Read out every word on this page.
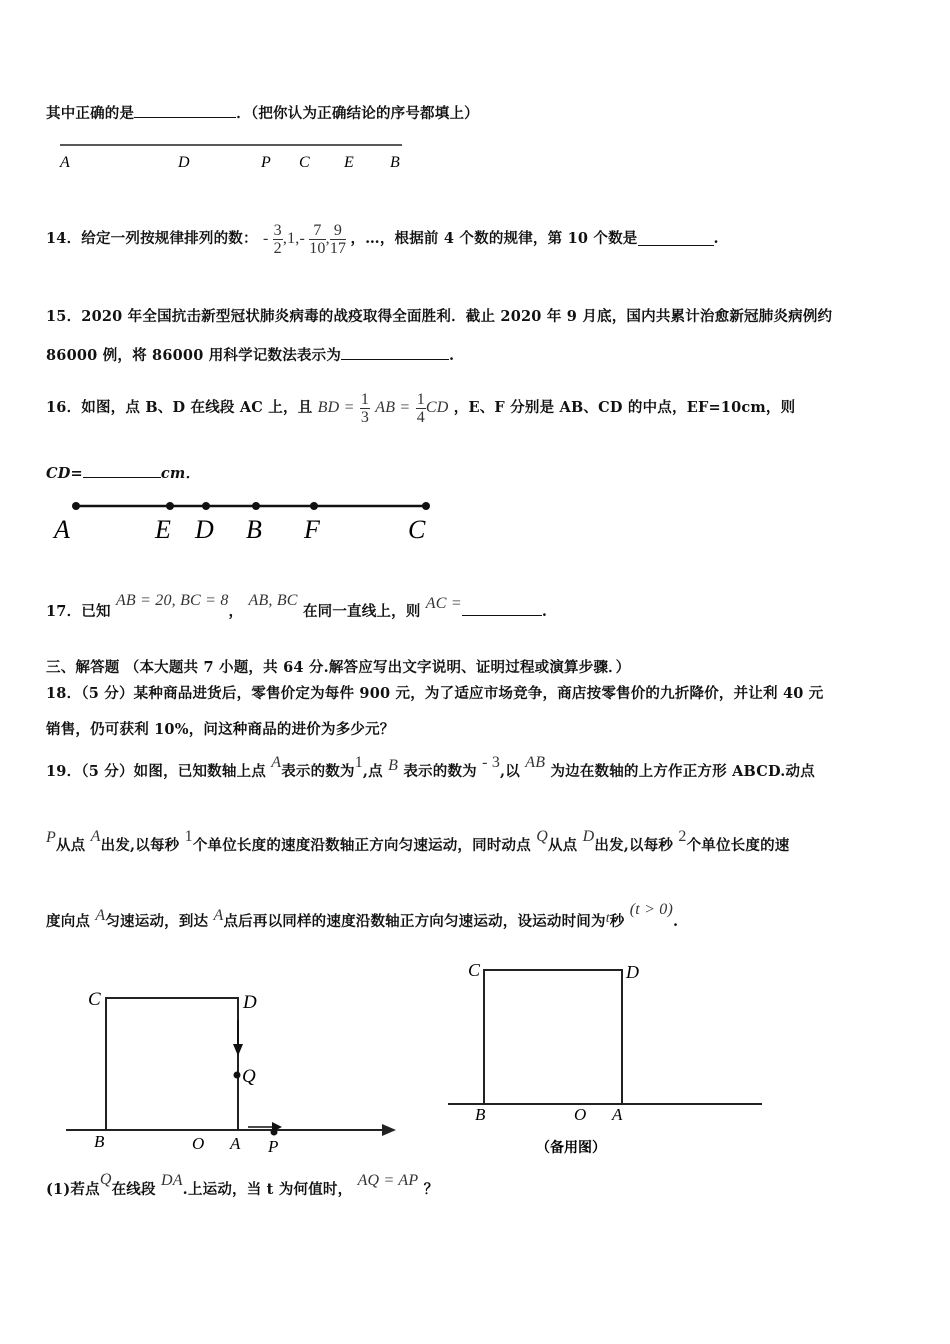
其中正确的是	．（把你认为正确结论的序号都填上）
A	D	P C E B
14．给定一列按规律排列的数： - $\frac{3}{2} ,1,- \frac{7}{10}$ , $\frac{9}{17}$ ，…，根据前 4 个数的规律，第 10 个数是	.
15．2020 年全国抗击新型冠状肺炎病毒的战疫取得全面胜利．截止 2020 年 9 月底，国内共累计治愈新冠肺炎病例约
86000 例，将 86000 用科学记数法表示为	.
16．如图，点 B、D 在线段 AC 上，且 BD = $\frac{1}{3}$ AB = $\frac{1}{4}$ CD ，E、F 分别是 AB、CD 的中点，EF=10cm，则
CD=	cm．
A	E D B F	C
17．已知 AB = 20, BC = 8， AB, BC 在同一直线上，则 AC =	.
三、解答题 （本大题共 7 小题，共 64 分.解答应写出文字说明、证明过程或演算步骤．）
18．（5 分）某种商品进货后，零售价定为每件 900 元，为了适应市场竞争，商店按零售价的九折降价，并让利 40 元
销售，仍可获利 10%，问这种商品的进价为多少元？
19．（5 分）如图，已知数轴上点 A表示的数为1,点 B 表示的数为 - 3,以 AB 为边在数轴的上方作正方形 ABCD.动点
P从点 A出发,以每秒 1个单位长度的速度沿数轴正方向匀速运动，同时动点 Q从点 D出发,以每秒 2个单位长度的速
度向点 A匀速运动，到达 A点后再以同样的速度沿数轴正方向匀速运动，设运动时间为t秒 (t > 0).
C	D
Q
B	O A P
C	D
B	O A
（备用图）
(1)若点Q在线段 DA.上运动，当 t 为何值时， AQ = AP ？
